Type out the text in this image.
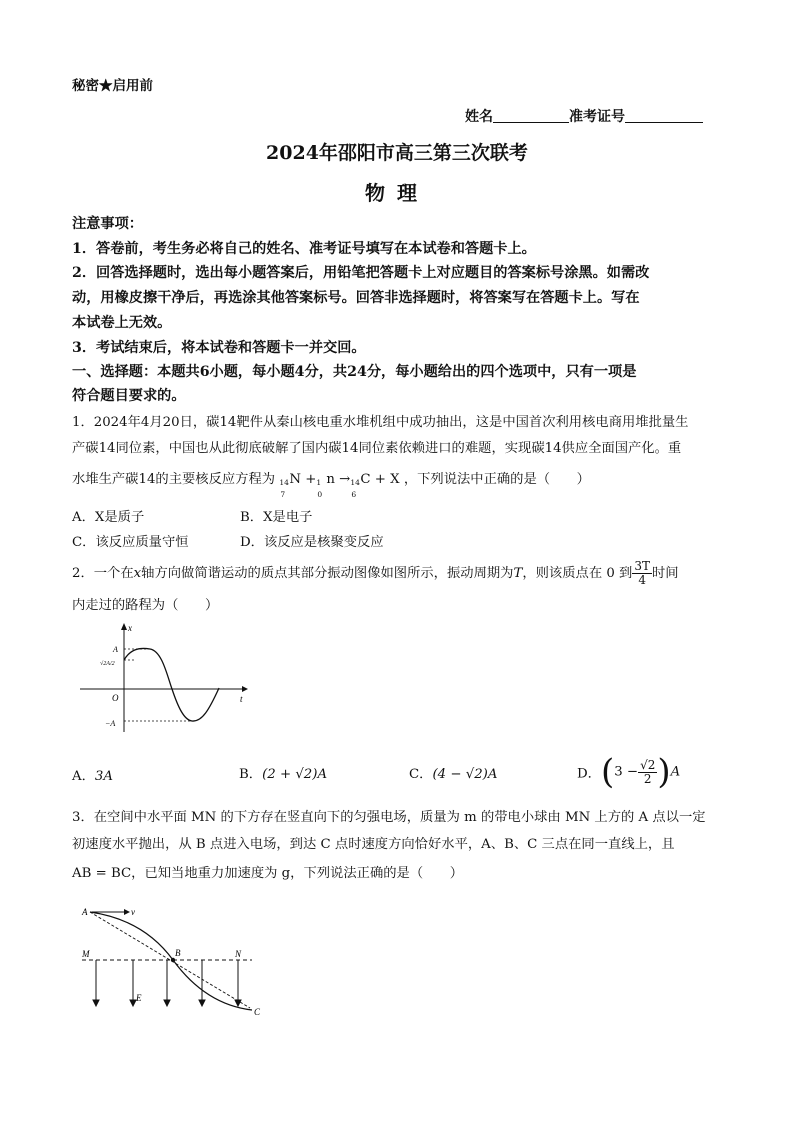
秘密★启用前
姓名	准考证号
2024年邵阳市高三第三次联考
物理
注意事项：
1．答卷前，考生务必将自己的姓名、准考证号填写在本试卷和答题卡上。
2．回答选择题时，选出每小题答案后，用铅笔把答题卡上对应题目的答案标号涂黑。如需改
动，用橡皮擦干净后，再选涂其他答案标号。回答非选择题时，将答案写在答题卡上。写在
本试卷上无效。
3．考试结束后，将本试卷和答题卡一并交回。
一、选择题：本题共6小题，每小题4分，共24分，每小题给出的四个选项中，只有一项是
符合题目要求的。
1．2024年4月20日，碳14靶件从秦山核电重水堆机组中成功抽出，这是中国首次利用核电商用堆批量生
产碳14同位素，中国也从此彻底破解了国内碳14同位素依赖进口的难题，实现碳14供应全面国产化。重
水堆生产碳14的主要核反应方程为 14
7
N + 1
0
n → 14
6
C + X ，下列说法中正确的是（　　）
A．X是质子	B．X是电子
C．该反应质量守恒	D．该反应是核聚变反应
2．一个在x轴方向做简谐运动的质点其部分振动图像如图所示，振动周期为T，则该质点在 0 到 $\frac{3T}{4}$ 时间
内走过的路程为（　　）
t
x
O
A
−A
√2A/2
A．3A	B．(2 + √2)A	C．(4 − √2)A	D．$(3 - \frac{√2}{2} )A$
3．在空间中水平面 MN 的下方存在竖直向下的匀强电场，质量为 m 的带电小球由 MN 上方的 A 点以一定
初速度水平抛出，从 B 点进入电场，到达 C 点时速度方向恰好水平，A、B、C 三点在同一直线上，且
AB = BC，已知当地重力加速度为 g，下列说法正确的是（　　）
A	v
M	N
B
C
E
